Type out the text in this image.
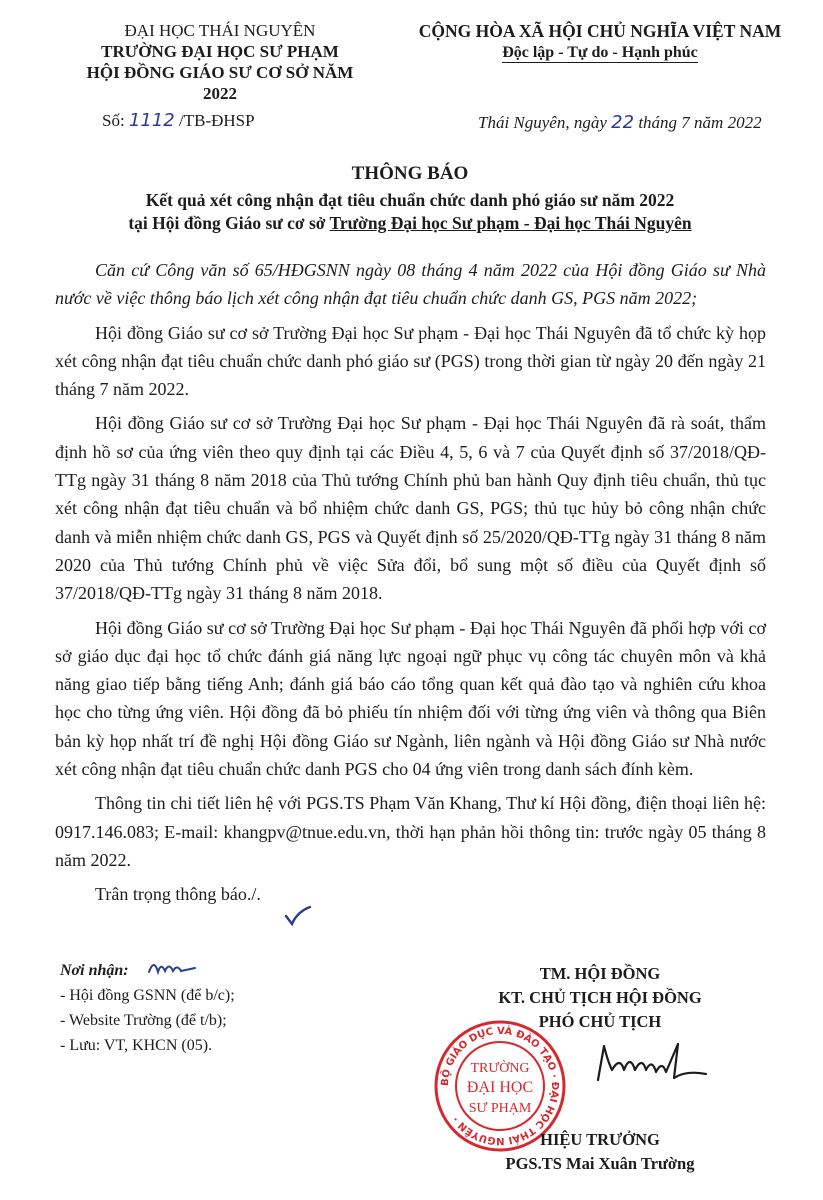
ĐẠI HỌC THÁI NGUYÊN
TRƯỜNG ĐẠI HỌC SƯ PHẠM
HỘI ĐỒNG GIÁO SƯ CƠ SỞ NĂM 2022
CỘNG HÒA XÃ HỘI CHỦ NGHĨA VIỆT NAM
Độc lập - Tự do - Hạnh phúc
Số: 1112 /TB-ĐHSP	Thái Nguyên, ngày 22 tháng 7 năm 2022
THÔNG BÁO
Kết quả xét công nhận đạt tiêu chuẩn chức danh phó giáo sư năm 2022
tại Hội đồng Giáo sư cơ sở Trường Đại học Sư phạm - Đại học Thái Nguyên

Căn cứ Công văn số 65/HĐGSNN ngày 08 tháng 4 năm 2022 của Hội đồng Giáo sư Nhà nước về việc thông báo lịch xét công nhận đạt tiêu chuẩn chức danh GS, PGS năm 2022;

Hội đồng Giáo sư cơ sở Trường Đại học Sư phạm - Đại học Thái Nguyên đã tổ chức kỳ họp xét công nhận đạt tiêu chuẩn chức danh phó giáo sư (PGS) trong thời gian từ ngày 20 đến ngày 21 tháng 7 năm 2022.

Hội đồng Giáo sư cơ sở Trường Đại học Sư phạm - Đại học Thái Nguyên đã rà soát, thẩm định hồ sơ của ứng viên theo quy định tại các Điều 4, 5, 6 và 7 của Quyết định số 37/2018/QĐ-TTg ngày 31 tháng 8 năm 2018 của Thủ tướng Chính phủ ban hành Quy định tiêu chuẩn, thủ tục xét công nhận đạt tiêu chuẩn và bổ nhiệm chức danh GS, PGS; thủ tục hủy bỏ công nhận chức danh và miễn nhiệm chức danh GS, PGS và Quyết định số 25/2020/QĐ-TTg ngày 31 tháng 8 năm 2020 của Thủ tướng Chính phủ về việc Sửa đổi, bổ sung một số điều của Quyết định số 37/2018/QĐ-TTg ngày 31 tháng 8 năm 2018.

Hội đồng Giáo sư cơ sở Trường Đại học Sư phạm - Đại học Thái Nguyên đã phối hợp với cơ sở giáo dục đại học tổ chức đánh giá năng lực ngoại ngữ phục vụ công tác chuyên môn và khả năng giao tiếp bằng tiếng Anh; đánh giá báo cáo tổng quan kết quả đào tạo và nghiên cứu khoa học cho từng ứng viên. Hội đồng đã bỏ phiếu tín nhiệm đối với từng ứng viên và thông qua Biên bản kỳ họp nhất trí đề nghị Hội đồng Giáo sư Ngành, liên ngành và Hội đồng Giáo sư Nhà nước xét công nhận đạt tiêu chuẩn chức danh PGS cho 04 ứng viên trong danh sách đính kèm.

Thông tin chi tiết liên hệ với PGS.TS Phạm Văn Khang, Thư kí Hội đồng, điện thoại liên hệ: 0917.146.083; E-mail: khangpv@tnue.edu.vn, thời hạn phản hồi thông tin: trước ngày 05 tháng 8 năm 2022.

Trân trọng thông báo./.

Nơi nhận:
- Hội đồng GSNN (để b/c);
- Website Trường (để t/b);
- Lưu: VT, KHCN (05).
TM. HỘI ĐỒNG
KT. CHỦ TỊCH HỘI ĐỒNG
PHÓ CHỦ TỊCH
BỘ GIÁO DỤC VÀ ĐÀO TẠO · ĐẠI HỌC THÁI NGUYÊN ·
TRƯỜNG
ĐẠI HỌC
SƯ PHẠM
HIỆU TRƯỞNG
PGS.TS Mai Xuân Trường
